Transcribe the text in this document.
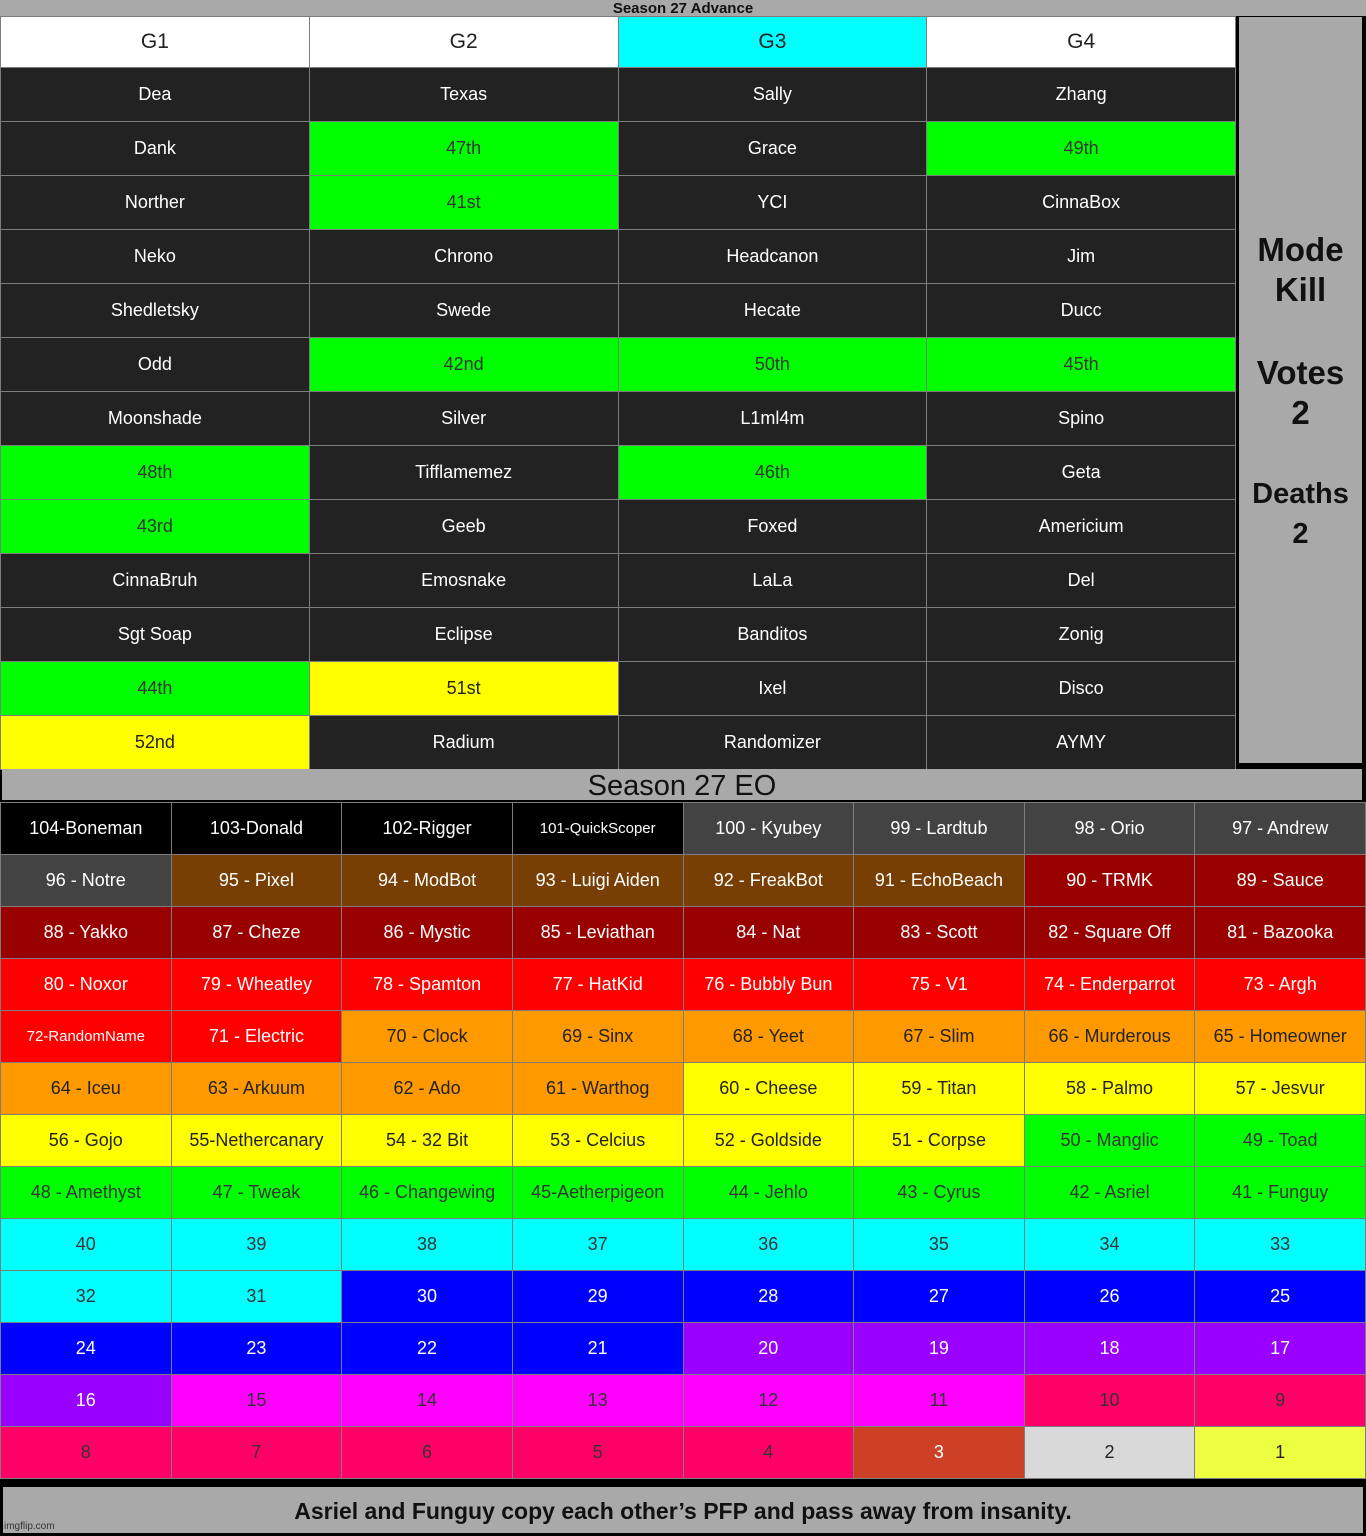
Season 27 Advance
G1	G2	G3	G4
Dea	Texas	Sally	Zhang
Dank	47th	Grace	49th
Norther	41st	YCI	CinnaBox
Neko	Chrono	Headcanon	Jim
Shedletsky	Swede	Hecate	Ducc
Odd	42nd	50th	45th
Moonshade	Silver	L1ml4m	Spino
48th	Tifflamemez	46th	Geta
43rd	Geeb	Foxed	Americium
CinnaBruh	Emosnake	LaLa	Del
Sgt Soap	Eclipse	Banditos	Zonig
44th	51st	Ixel	Disco
52nd	Radium	Randomizer	AYMY
Mode
Kill
Votes
2
Deaths
2
Season 27 EO
104-Boneman	103-Donald	102-Rigger	101-QuickScoper	100 - Kyubey	99 - Lardtub	98 - Orio	97 - Andrew
96 - Notre	95 - Pixel	94 - ModBot	93 - Luigi Aiden	92 - FreakBot	91 - EchoBeach	90 - TRMK	89 - Sauce
88 - Yakko	87 - Cheze	86 - Mystic	85 - Leviathan	84 - Nat	83 - Scott	82 - Square Off	81 - Bazooka
80 - Noxor	79 - Wheatley	78 - Spamton	77 - HatKid	76 - Bubbly Bun	75 - V1	74 - Enderparrot	73 - Argh
72-RandomName	71 - Electric	70 - Clock	69 - Sinx	68 - Yeet	67 - Slim	66 - Murderous	65 - Homeowner
64 - Iceu	63 - Arkuum	62 - Ado	61 - Warthog	60 - Cheese	59 - Titan	58 - Palmo	57 - Jesvur
56 - Gojo	55-Nethercanary	54 - 32 Bit	53 - Celcius	52 - Goldside	51 - Corpse	50 - Manglic	49 - Toad
48 - Amethyst	47 - Tweak	46 - Changewing	45-Aetherpigeon	44 - Jehlo	43 - Cyrus	42 - Asriel	41 - Funguy
40	39	38	37	36	35	34	33
32	31	30	29	28	27	26	25
24	23	22	21	20	19	18	17
16	15	14	13	12	11	10	9
8	7	6	5	4	3	2	1
Asriel and Funguy copy each other’s PFP and pass away from insanity.
imgflip.com
